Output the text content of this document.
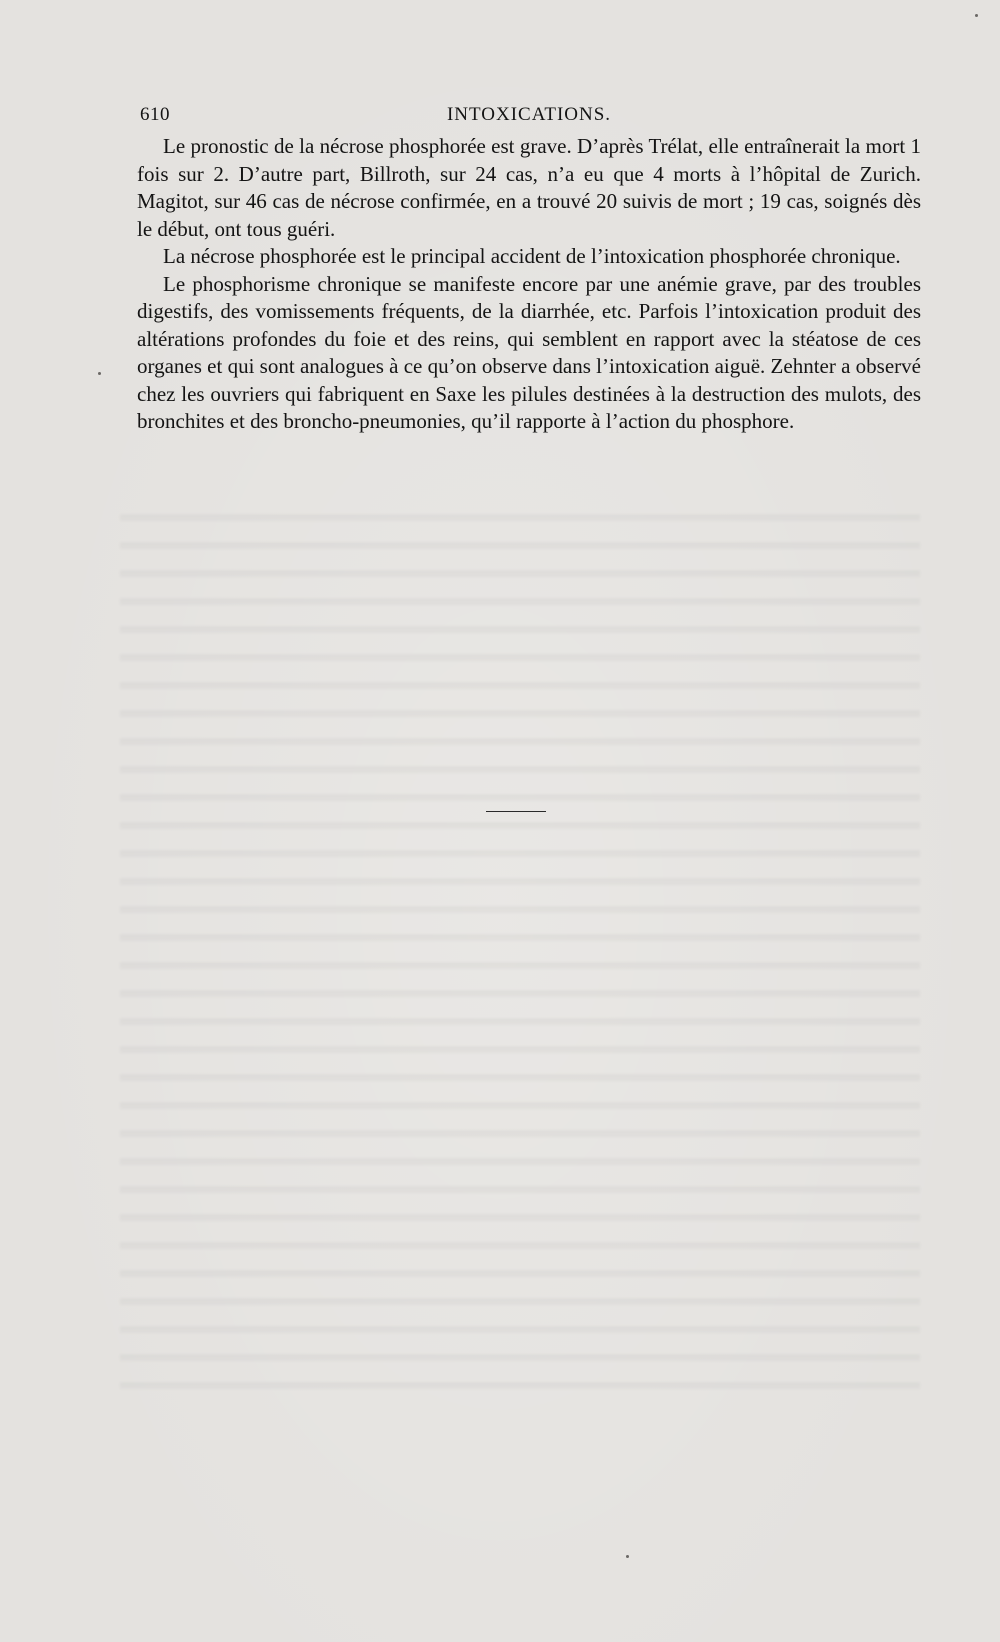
610	INTOXICATIONS.

Le pronostic de la nécrose phosphorée est grave. D’après Trélat, elle entraînerait la mort 1 fois sur 2. D’autre part, Billroth, sur 24 cas, n’a eu que 4 morts à l’hôpital de Zurich. Magitot, sur 46 cas de nécrose confirmée, en a trouvé 20 suivis de mort ; 19 cas, soignés dès le début, ont tous guéri.

La nécrose phosphorée est le principal accident de l’intoxication phosphorée chronique.

Le phosphorisme chronique se manifeste encore par une anémie grave, par des troubles digestifs, des vomissements fréquents, de la diarrhée, etc. Parfois l’intoxication produit des altérations profondes du foie et des reins, qui semblent en rapport avec la stéatose de ces organes et qui sont analogues à ce qu’on observe dans l’intoxication aiguë. Zehnter a observé chez les ouvriers qui fabriquent en Saxe les pilules destinées à la destruction des mulots, des bronchites et des broncho-pneumonies, qu’il rapporte à l’action du phosphore.
